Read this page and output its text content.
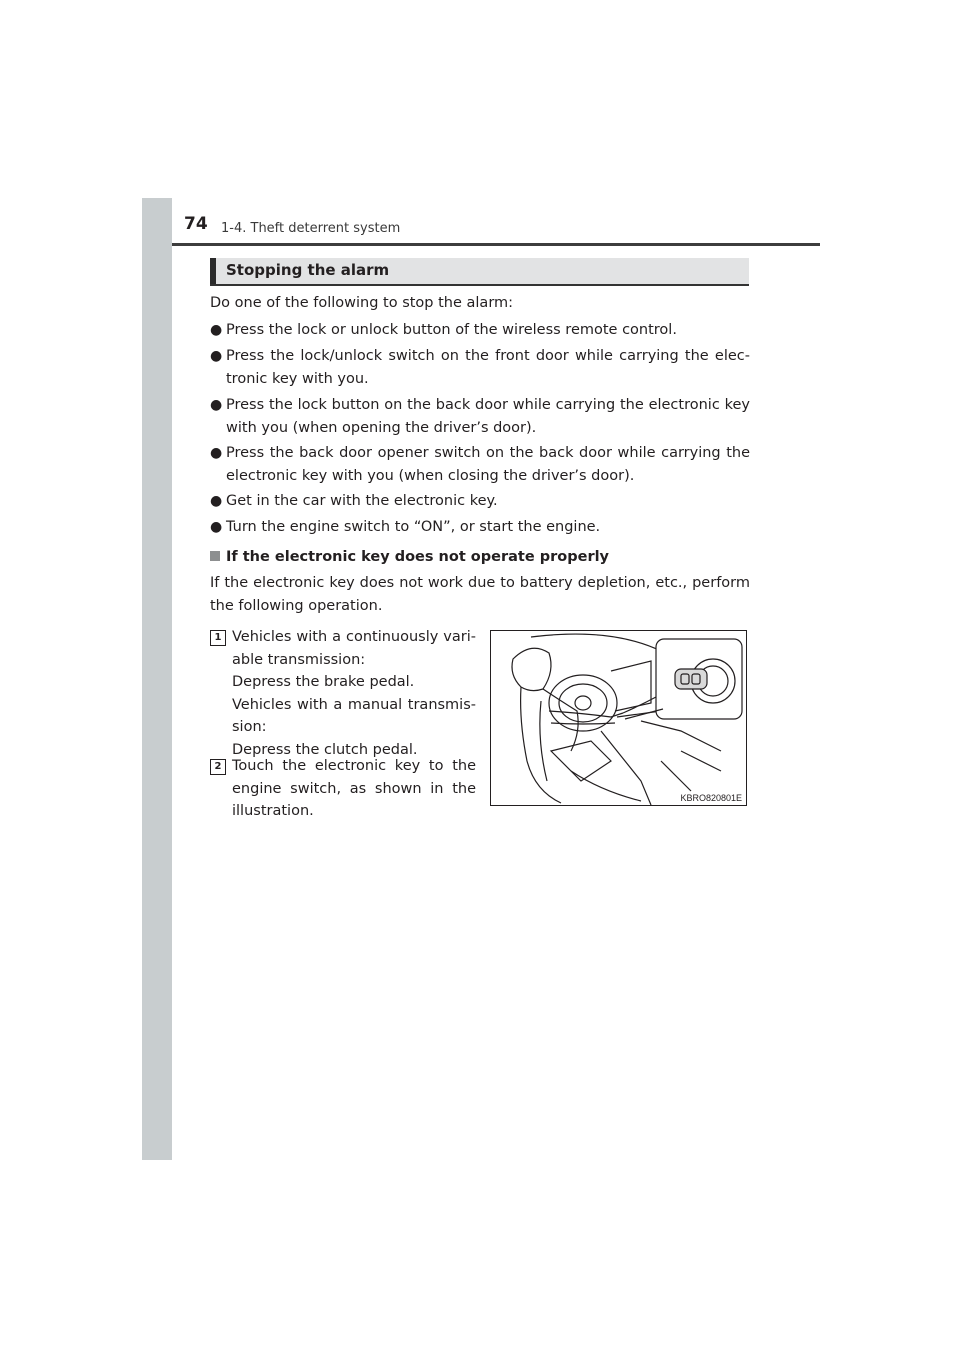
74 1-4. Theft deterrent system
Stopping the alarm
Do one of the following to stop the alarm:
● Press the lock or unlock button of the wireless remote control.
● Press the lock/unlock switch on the front door while carrying the elec-tronic key with you.
● Press the lock button on the back door while carrying the electronic key with you (when opening the driver’s door).
● Press the back door opener switch on the back door while carrying the electronic key with you (when closing the driver’s door).
● Get in the car with the electronic key.
● Turn the engine switch to “ON”, or start the engine.
If the electronic key does not operate properly
If the electronic key does not work due to battery depletion, etc., perform the following operation.
1 Vehicles with a continuously vari-able transmission:
Depress the brake pedal.
Vehicles with a manual transmis-sion:
Depress the clutch pedal.
2 Touch the electronic key to the engine switch, as shown in the illustration.
KBRO820801E
